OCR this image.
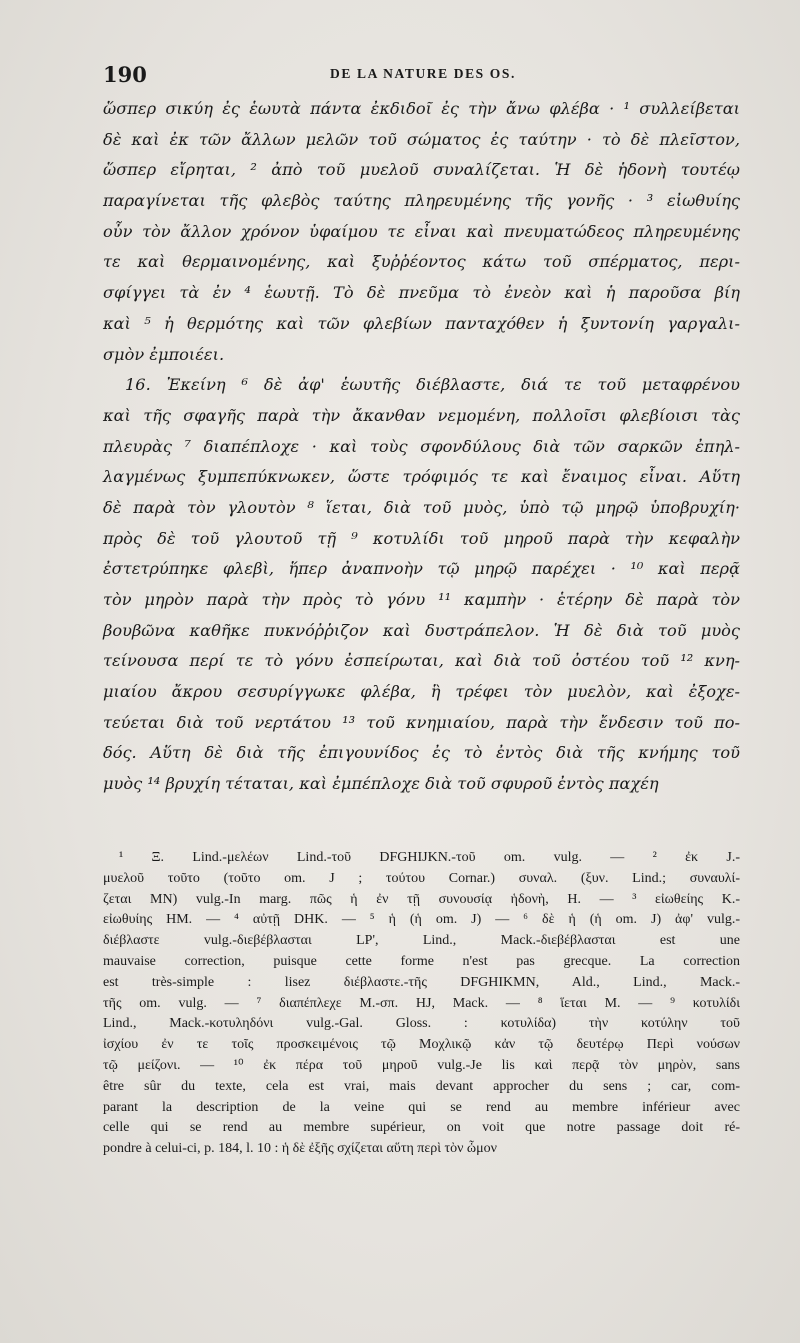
190	DE LA NATURE DES OS.
ὥσπερ σικύη ἐς ἑωυτὰ πάντα ἐκδιδοῖ ἐς τὴν ἄνω φλέβα · ¹ συλλείβεται
δὲ καὶ ἐκ τῶν ἄλλων μελῶν τοῦ σώματος ἐς ταύτην · τὸ δὲ πλεῖστον,
ὥσπερ εἴρηται, ² ἀπὸ τοῦ μυελοῦ συναλίζεται. Ἡ δὲ ἡδονὴ τουτέῳ
παραγίνεται τῆς φλεβὸς ταύτης πληρευμένης τῆς γονῆς · ³ εἰωθυίης
οὖν τὸν ἄλλον χρόνον ὑφαίμου τε εἶναι καὶ πνευματώδεος πληρευμένης
τε καὶ θερμαινομένης, καὶ ξυῤῥέοντος κάτω τοῦ σπέρματος, περι-
σφίγγει τὰ ἐν ⁴ ἑωυτῇ. Τὸ δὲ πνεῦμα τὸ ἐνεὸν καὶ ἡ παροῦσα βίη
καὶ ⁵ ἡ θερμότης καὶ τῶν φλεβίων πανταχόθεν ἡ ξυντονίη γαργαλι-
σμὸν ἐμποιέει.
16. Ἐκείνη ⁶ δὲ ἀφ' ἑωυτῆς διέβλαστε, διά τε τοῦ μεταφρένου
καὶ τῆς σφαγῆς παρὰ τὴν ἄκανθαν νεμομένη, πολλοῖσι φλεβίοισι τὰς
πλευρὰς ⁷ διαπέπλοχε · καὶ τοὺς σφονδύλους διὰ τῶν σαρκῶν ἐπηλ-
λαγμένως ξυμπεπύκνωκεν, ὥστε τρόφιμός τε καὶ ἔναιμος εἶναι. Αὕτη
δὲ παρὰ τὸν γλουτὸν ⁸ ἵεται, διὰ τοῦ μυὸς, ὑπὸ τῷ μηρῷ ὑποβρυχίη·
πρὸς δὲ τοῦ γλουτοῦ τῇ ⁹ κοτυλίδι τοῦ μηροῦ παρὰ τὴν κεφαλὴν
ἐστετρύπηκε φλεβὶ, ἥπερ ἀναπνοὴν τῷ μηρῷ παρέχει · ¹⁰ καὶ περᾷ
τὸν μηρὸν παρὰ τὴν πρὸς τὸ γόνυ ¹¹ καμπὴν · ἑτέρην δὲ παρὰ τὸν
βουβῶνα καθῆκε πυκνόῤῥιζον καὶ δυστράπελον. Ἡ δὲ διὰ τοῦ μυὸς
τείνουσα περί τε τὸ γόνυ ἐσπείρωται, καὶ διὰ τοῦ ὀστέου τοῦ ¹² κνη-
μιαίου ἄκρου σεσυρίγγωκε φλέβα, ἣ τρέφει τὸν μυελὸν, καὶ ἐξοχε-
τεύεται διὰ τοῦ νερτάτου ¹³ τοῦ κνημιαίου, παρὰ τὴν ἔνδεσιν τοῦ πο-
δός. Αὕτη δὲ διὰ τῆς ἐπιγουνίδος ἐς τὸ ἐντὸς διὰ τῆς κνήμης τοῦ
μυὸς ¹⁴ βρυχίη τέταται, καὶ ἐμπέπλοχε διὰ τοῦ σφυροῦ ἐντὸς παχέη
¹ Ξ. Lind.-μελέων Lind.-τοῦ DFGHIJKN.-τοῦ om. vulg. — ² ἐκ J.-
μυελοῦ τοῦτο (τοῦτο om. J ; τούτου Cornar.) συναλ. (ξυν. Lind.; συναυλί-
ζεται MN) vulg.-In marg. πῶς ἡ ἐν τῇ συνουσίᾳ ἡδονὴ, H. — ³ εἰωθείης K.-
εἰωθυίης HM. — ⁴ αὐτῇ DHK. — ⁵ ἡ (ἡ om. J) — ⁶ δὲ ἡ (ἡ om. J) ἀφ' vulg.-
διέβλαστε vulg.-διεβέβλασται LP', Lind., Mack.-διεβέβλασται est une
mauvaise correction, puisque cette forme n'est pas grecque. La correction
est très-simple : lisez διέβλαστε.-τῆς DFGHIKMN, Ald., Lind., Mack.-
τῆς om. vulg. — ⁷ διαπέπλεχε M.-σπ. HJ, Mack. — ⁸ ἵεται M. — ⁹ κοτυλίδι
Lind., Mack.-κοτυληδόνι vulg.-Gal. Gloss. : κοτυλίδα) τὴν κοτύλην τοῦ
ἰσχίου ἐν τε τοῖς προσκειμένοις τῷ Μοχλικῷ κἀν τῷ δευτέρῳ Περὶ νούσων
τῷ μείζονι. — ¹⁰ ἐκ πέρα τοῦ μηροῦ vulg.-Je lis καὶ περᾷ τὸν μηρὸν, sans
être sûr du texte, cela est vrai, mais devant approcher du sens ; car, com-
parant la description de la veine qui se rend au membre inférieur avec
celle qui se rend au membre supérieur, on voit que notre passage doit ré-
pondre à celui-ci, p. 184, l. 10 : ἡ δὲ ἐξῆς σχίζεται αὕτη περὶ τὸν ὦμον
